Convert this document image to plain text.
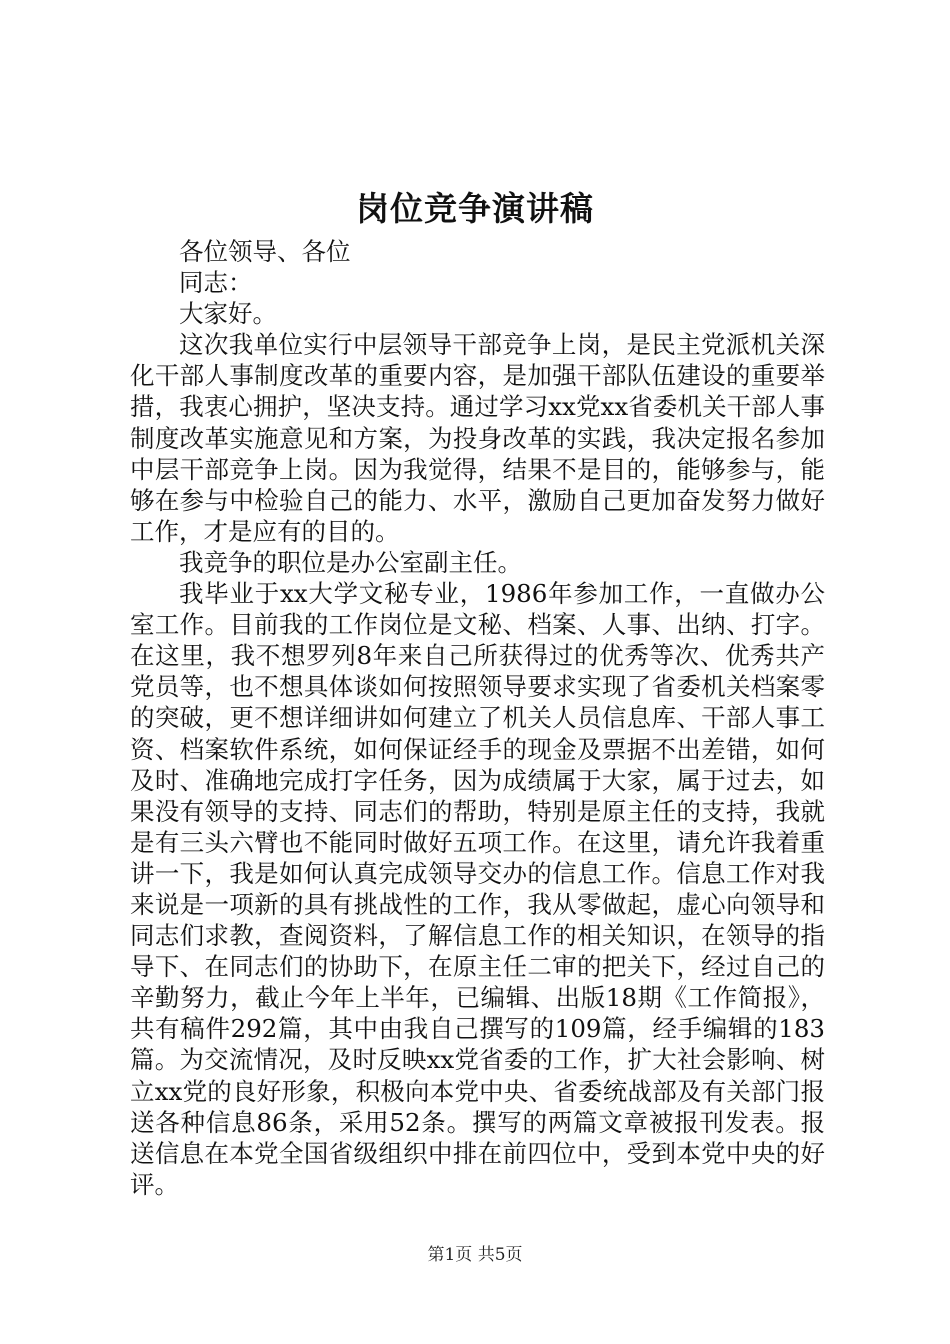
岗位竞争演讲稿

各位领导、各位

同志：

大家好。

这次我单位实行中层领导干部竞争上岗，是民主党派机关深化干部人事制度改革的重要内容，是加强干部队伍建设的重要举措，我衷心拥护，坚决支持。通过学习xx党xx省委机关干部人事制度改革实施意见和方案，为投身改革的实践，我决定报名参加中层干部竞争上岗。因为我觉得，结果不是目的，能够参与，能够在参与中检验自己的能力、水平，激励自己更加奋发努力做好工作，才是应有的目的。

我竞争的职位是办公室副主任。

我毕业于xx大学文秘专业，1986年参加工作，一直做办公室工作。目前我的工作岗位是文秘、档案、人事、出纳、打字。在这里，我不想罗列8年来自己所获得过的优秀等次、优秀共产党员等，也不想具体谈如何按照领导要求实现了省委机关档案零的突破，更不想详细讲如何建立了机关人员信息库、干部人事工资、档案软件系统，如何保证经手的现金及票据不出差错，如何及时、准确地完成打字任务，因为成绩属于大家，属于过去，如果没有领导的支持、同志们的帮助，特别是原主任的支持，我就是有三头六臂也不能同时做好五项工作。在这里，请允许我着重讲一下，我是如何认真完成领导交办的信息工作。信息工作对我来说是一项新的具有挑战性的工作，我从零做起，虚心向领导和同志们求教，查阅资料，了解信息工作的相关知识，在领导的指导下、在同志们的协助下，在原主任二审的把关下，经过自己的辛勤努力，截止今年上半年，已编辑、出版18期《工作简报》，共有稿件292篇，其中由我自己撰写的109篇，经手编辑的183篇。为交流情况，及时反映xx党省委的工作，扩大社会影响、树立xx党的良好形象，积极向本党中央、省委统战部及有关部门报送各种信息86条，采用52条。撰写的两篇文章被报刊发表。报送信息在本党全国省级组织中排在前四位中，受到本党中央的好评。

第1页 共5页
